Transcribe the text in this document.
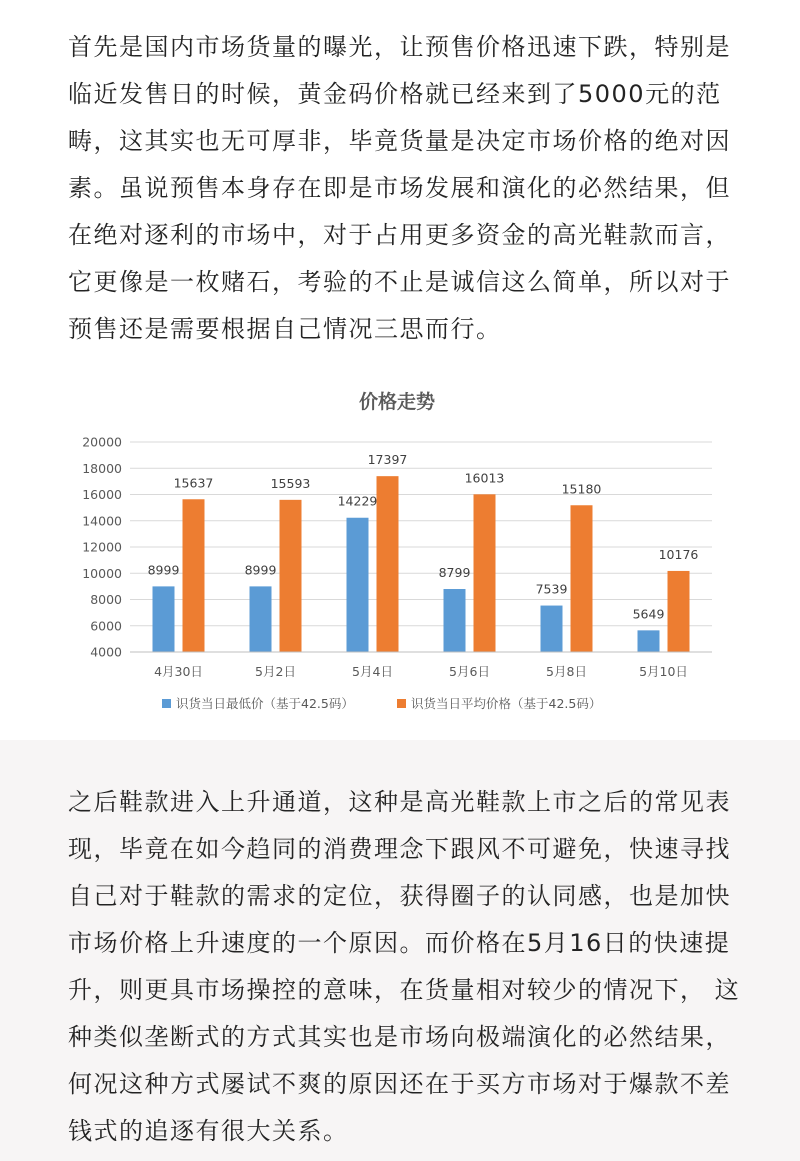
首先是国内市场货量的曝光，让预售价格迅速下跌，特别是
临近发售日的时候，黄金码价格就已经来到了5000元的范
畴，这其实也无可厚非，毕竟货量是决定市场价格的绝对因
素。虽说预售本身存在即是市场发展和演化的必然结果，但
在绝对逐利的市场中，对于占用更多资金的高光鞋款而言，
它更像是一枚赌石，考验的不止是诚信这么简单，所以对于
预售还是需要根据自己情况三思而行。
价格走势
4000
6000
8000
10000
12000
14000
16000
18000
20000
8999
15637
8999
15593
14229
17397
8799
16013
7539
15180
5649
10176
4月30日	5月2日	5月4日	5月6日	5月8日	5月10日
识货当日最低价（基于42.5码）	识货当日平均价格（基于42.5码）
之后鞋款进入上升通道，这种是高光鞋款上市之后的常见表
现，毕竟在如今趋同的消费理念下跟风不可避免，快速寻找
自己对于鞋款的需求的定位，获得圈子的认同感，也是加快
市场价格上升速度的一个原因。而价格在5月16日的快速提
升，则更具市场操控的意味，在货量相对较少的情况下， 这
种类似垄断式的方式其实也是市场向极端演化的必然结果，
何况这种方式屡试不爽的原因还在于买方市场对于爆款不差
钱式的追逐有很大关系。
